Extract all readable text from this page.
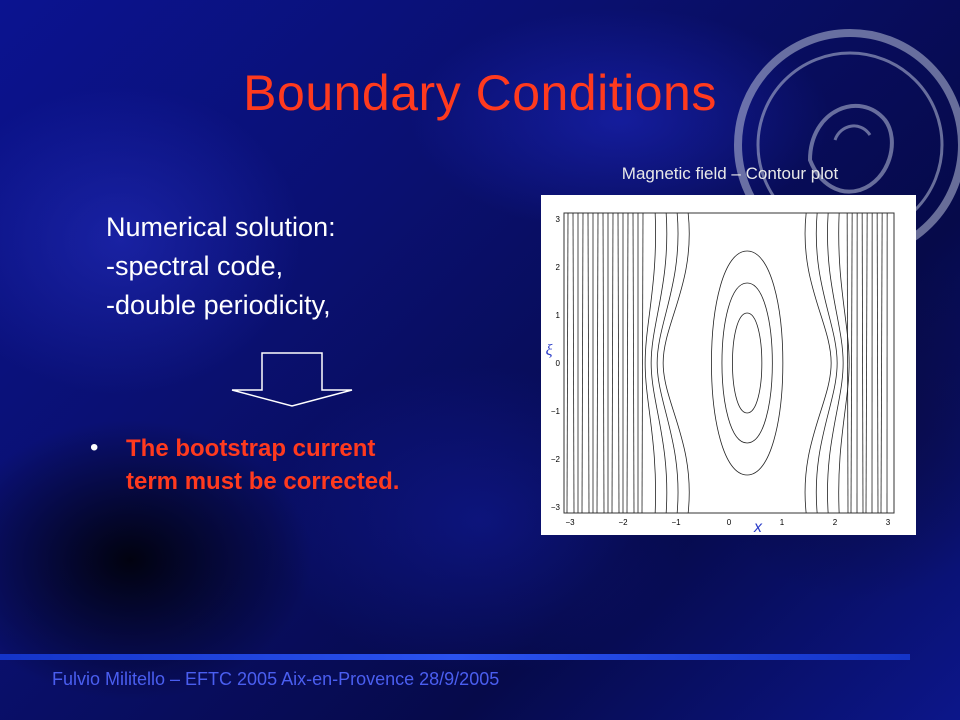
Boundary Conditions
Magnetic field – Contour plot
Numerical solution:
-spectral code,
-double periodicity,
• The bootstrap current
term must be corrected.
−3	−2	−1	0	1	2	3
3
2
1
0
−1
−2
−3
x
ξ
Fulvio Militello – EFTC 2005 Aix-en-Provence 28/9/2005
